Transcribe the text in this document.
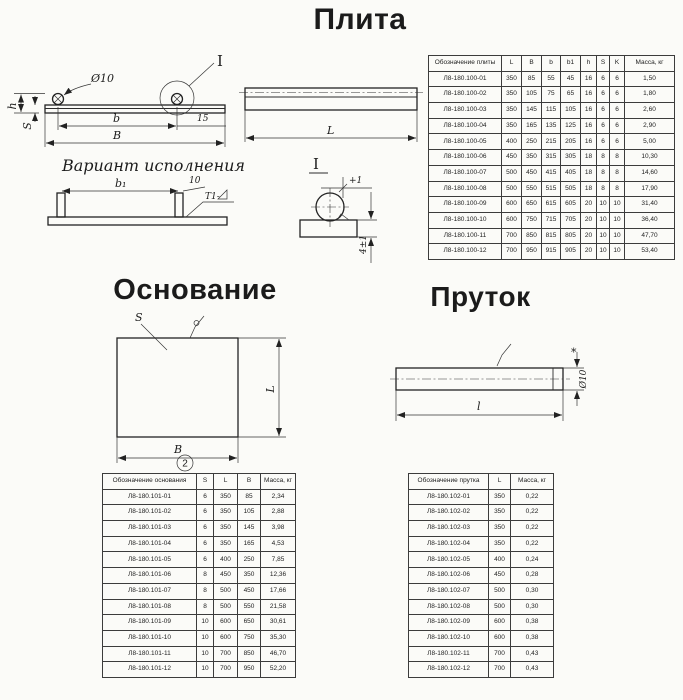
Плита
Основание	Пруток
h
S
Ø10
I
b	15
B
Вариант исполнения
b₁	10
Т1-
L
I
+1
4±1
S
B
L
2
l
Ø10
*
Обозначение плиты	L	B	b	b1	h	S	K	Масса, кг
Л8-180.100-01	350	85	55	45	16	6	6	1,50
Л8-180.100-02	350	105	75	65	16	6	6	1,80
Л8-180.100-03	350	145	115	105	16	6	6	2,60
Л8-180.100-04	350	165	135	125	16	6	6	2,90
Л8-180.100-05	400	250	215	205	16	6	6	5,00
Л8-180.100-06	450	350	315	305	18	8	8	10,30
Л8-180.100-07	500	450	415	405	18	8	8	14,60
Л8-180.100-08	500	550	515	505	18	8	8	17,90
Л8-180.100-09	600	650	615	605	20	10	10	31,40
Л8-180.100-10	600	750	715	705	20	10	10	36,40
Л8-180.100-11	700	850	815	805	20	10	10	47,70
Л8-180.100-12	700	950	915	905	20	10	10	53,40
Обозначение основания	S	L	B	Масса, кг
Л8-180.101-01	6	350	85	2,34
Л8-180.101-02	6	350	105	2,88
Л8-180.101-03	6	350	145	3,98
Л8-180.101-04	6	350	165	4,53
Л8-180.101-05	6	400	250	7,85
Л8-180.101-06	8	450	350	12,36
Л8-180.101-07	8	500	450	17,66
Л8-180.101-08	8	500	550	21,58
Л8-180.101-09	10	600	650	30,61
Л8-180.101-10	10	600	750	35,30
Л8-180.101-11	10	700	850	46,70
Л8-180.101-12	10	700	950	52,20
Обозначение прутка	L	Масса, кг
Л8-180.102-01	350	0,22
Л8-180.102-02	350	0,22
Л8-180.102-03	350	0,22
Л8-180.102-04	350	0,22
Л8-180.102-05	400	0,24
Л8-180.102-06	450	0,28
Л8-180.102-07	500	0,30
Л8-180.102-08	500	0,30
Л8-180.102-09	600	0,38
Л8-180.102-10	600	0,38
Л8-180.102-11	700	0,43
Л8-180.102-12	700	0,43
